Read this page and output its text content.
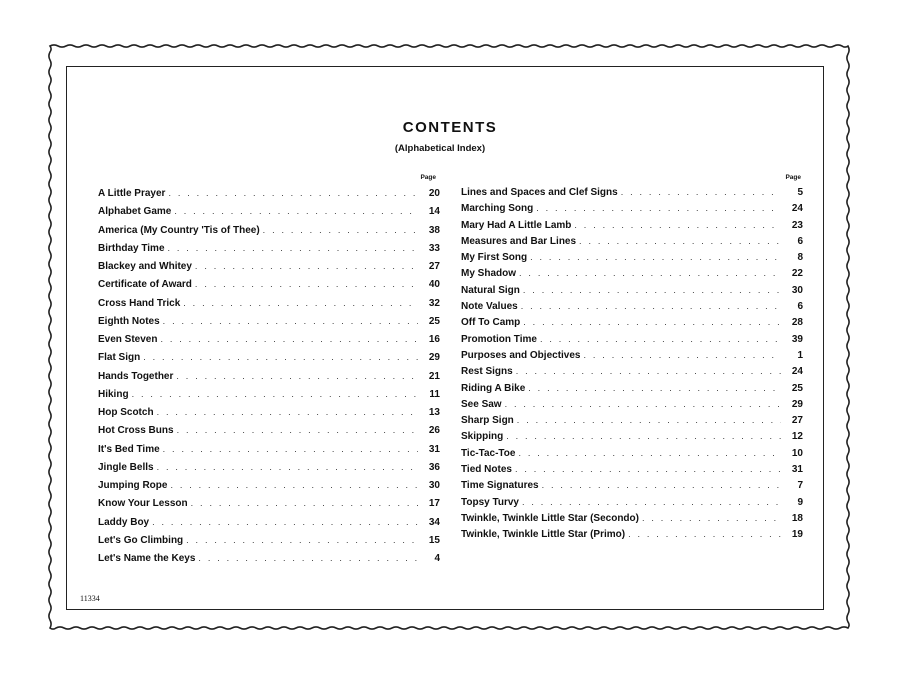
CONTENTS
(Alphabetical Index)
Page
A Little Prayer . . .	20
Alphabet Game . . .	14
America (My Country 'Tis of Thee) . . .	38
Birthday Time . . .	33
Blackey and Whitey . . .	27
Certificate of Award . . .	40
Cross Hand Trick . . .	32
Eighth Notes . . .	25
Even Steven . . .	16
Flat Sign . . .	29
Hands Together . . .	21
Hiking . . .	11
Hop Scotch . . .	13
Hot Cross Buns . . .	26
It's Bed Time . . .	31
Jingle Bells . . .	36
Jumping Rope . . .	30
Know Your Lesson . . .	17
Laddy Boy . . .	34
Let's Go Climbing . . .	15
Let's Name the Keys . . .	4
Page
Lines and Spaces and Clef Signs . . .	5
Marching Song . . .	24
Mary Had A Little Lamb . . .	23
Measures and Bar Lines . . .	6
My First Song . . .	8
My Shadow . . .	22
Natural Sign . . .	30
Note Values . . .	6
Off To Camp . . .	28
Promotion Time . . .	39
Purposes and Objectives . . .	1
Rest Signs . . .	24
Riding A Bike . . .	25
See Saw . . .	29
Sharp Sign . . .	27
Skipping . . .	12
Tic-Tac-Toe . . .	10
Tied Notes . . .	31
Time Signatures . . .	7
Topsy Turvy . . .	9
Twinkle, Twinkle Little Star (Secondo) . . .	18
Twinkle, Twinkle Little Star (Primo) . . .	19
11334
